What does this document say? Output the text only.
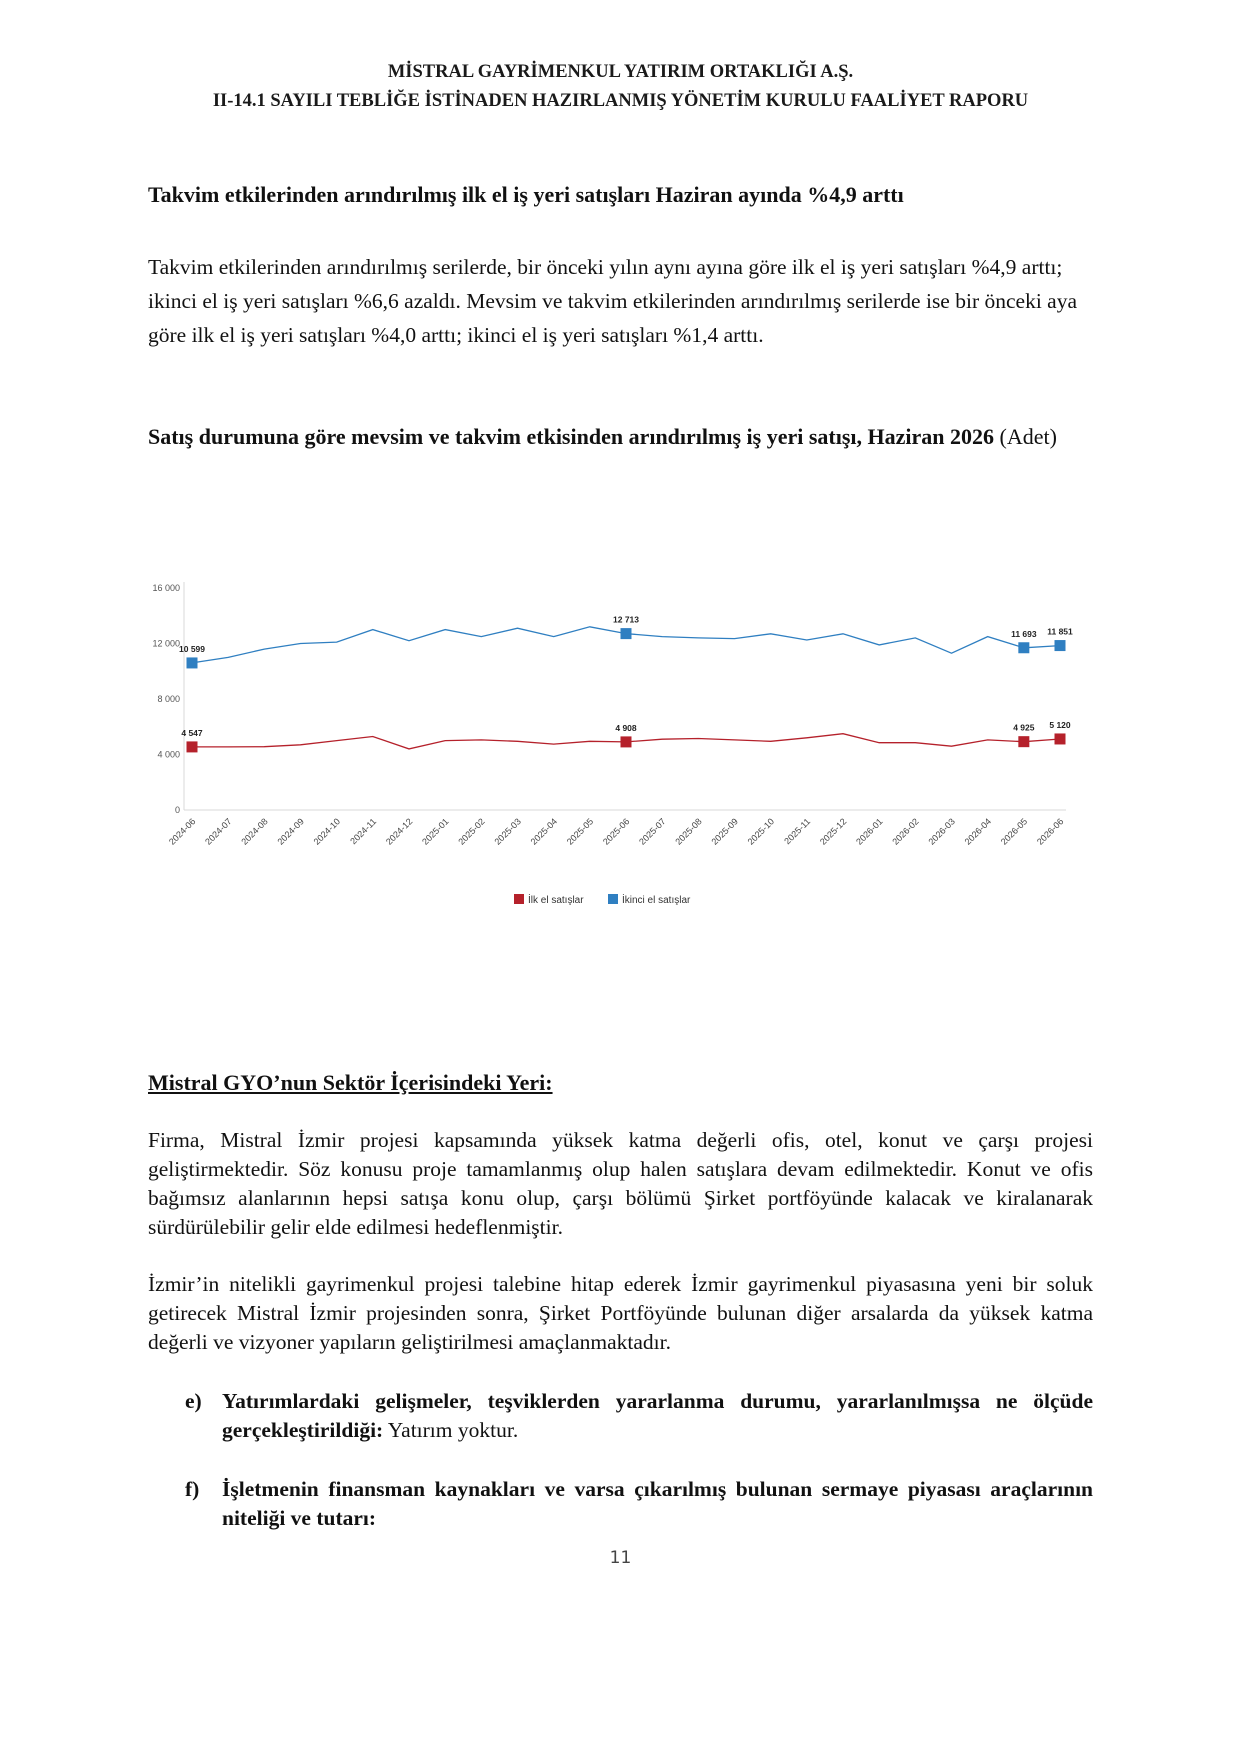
MİSTRAL GAYRİMENKUL YATIRIM ORTAKLIĞI A.Ş.
II-14.1 SAYILI TEBLİĞE İSTİNADEN HAZIRLANMIŞ YÖNETİM KURULU FAALİYET RAPORU
Takvim etkilerinden arındırılmış ilk el iş yeri satışları Haziran ayında %4,9 arttı
Takvim etkilerinden arındırılmış serilerde, bir önceki yılın aynı ayına göre ilk el iş yeri satışları %4,9 arttı; ikinci el iş yeri satışları %6,6 azaldı. Mevsim ve takvim etkilerinden arındırılmış serilerde ise bir önceki aya göre ilk el iş yeri satışları %4,0 arttı; ikinci el iş yeri satışları %1,4 arttı.
Satış durumuna göre mevsim ve takvim etkisinden arındırılmış iş yeri satışı, Haziran 2026 (Adet)
0
4 000
8 000
12 000
16 000
2024-06 2024-07 2024-08 2024-09 2024-10 2024-11 2024-12 2025-01 2025-02 2025-03 2025-04 2025-05 2025-06 2025-07 2025-08 2025-09 2025-10 2025-11 2025-12 2026-01 2026-02 2026-03 2026-04 2026-05 2026-06
4 547
4 908	4 925 5 120
10 599
12 713
11 693 11 851
İlk el satışlar	İkinci el satışlar
Mistral GYO’nun Sektör İçerisindeki Yeri:
Firma, Mistral İzmir projesi kapsamında yüksek katma değerli ofis, otel, konut ve çarşı projesi geliştirmektedir. Söz konusu proje tamamlanmış olup halen satışlara devam edilmektedir. Konut ve ofis bağımsız alanlarının hepsi satışa konu olup, çarşı bölümü Şirket portföyünde kalacak ve kiralanarak sürdürülebilir gelir elde edilmesi hedeflenmiştir.
İzmir’in nitelikli gayrimenkul projesi talebine hitap ederek İzmir gayrimenkul piyasasına yeni bir soluk getirecek Mistral İzmir projesinden sonra, Şirket Portföyünde bulunan diğer arsalarda da yüksek katma değerli ve vizyoner yapıların geliştirilmesi amaçlanmaktadır.
e) Yatırımlardaki gelişmeler, teşviklerden yararlanma durumu, yararlanılmışsa ne ölçüde gerçekleştirildiği: Yatırım yoktur.
f) İşletmenin finansman kaynakları ve varsa çıkarılmış bulunan sermaye piyasası araçlarının niteliği ve tutarı:
11
